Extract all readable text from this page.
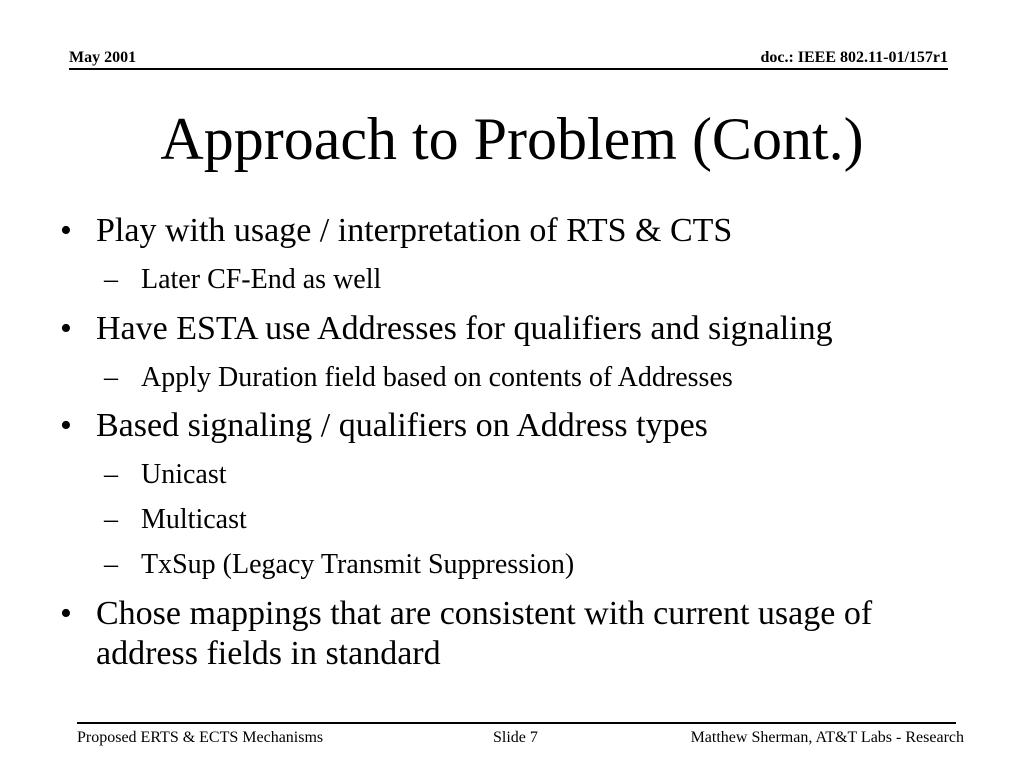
May 2001	doc.: IEEE 802.11-01/157r1
Approach to Problem (Cont.)
• Play with usage / interpretation of RTS & CTS
– Later CF-End as well
• Have ESTA use Addresses for qualifiers and signaling
– Apply Duration field based on contents of Addresses
• Based signaling / qualifiers on Address types
– Unicast
– Multicast
– TxSup (Legacy Transmit Suppression)
• Chose mappings that are consistent with current usage of address fields in standard
Proposed ERTS & ECTS Mechanisms	Slide 7	Matthew Sherman, AT&T Labs - Research
